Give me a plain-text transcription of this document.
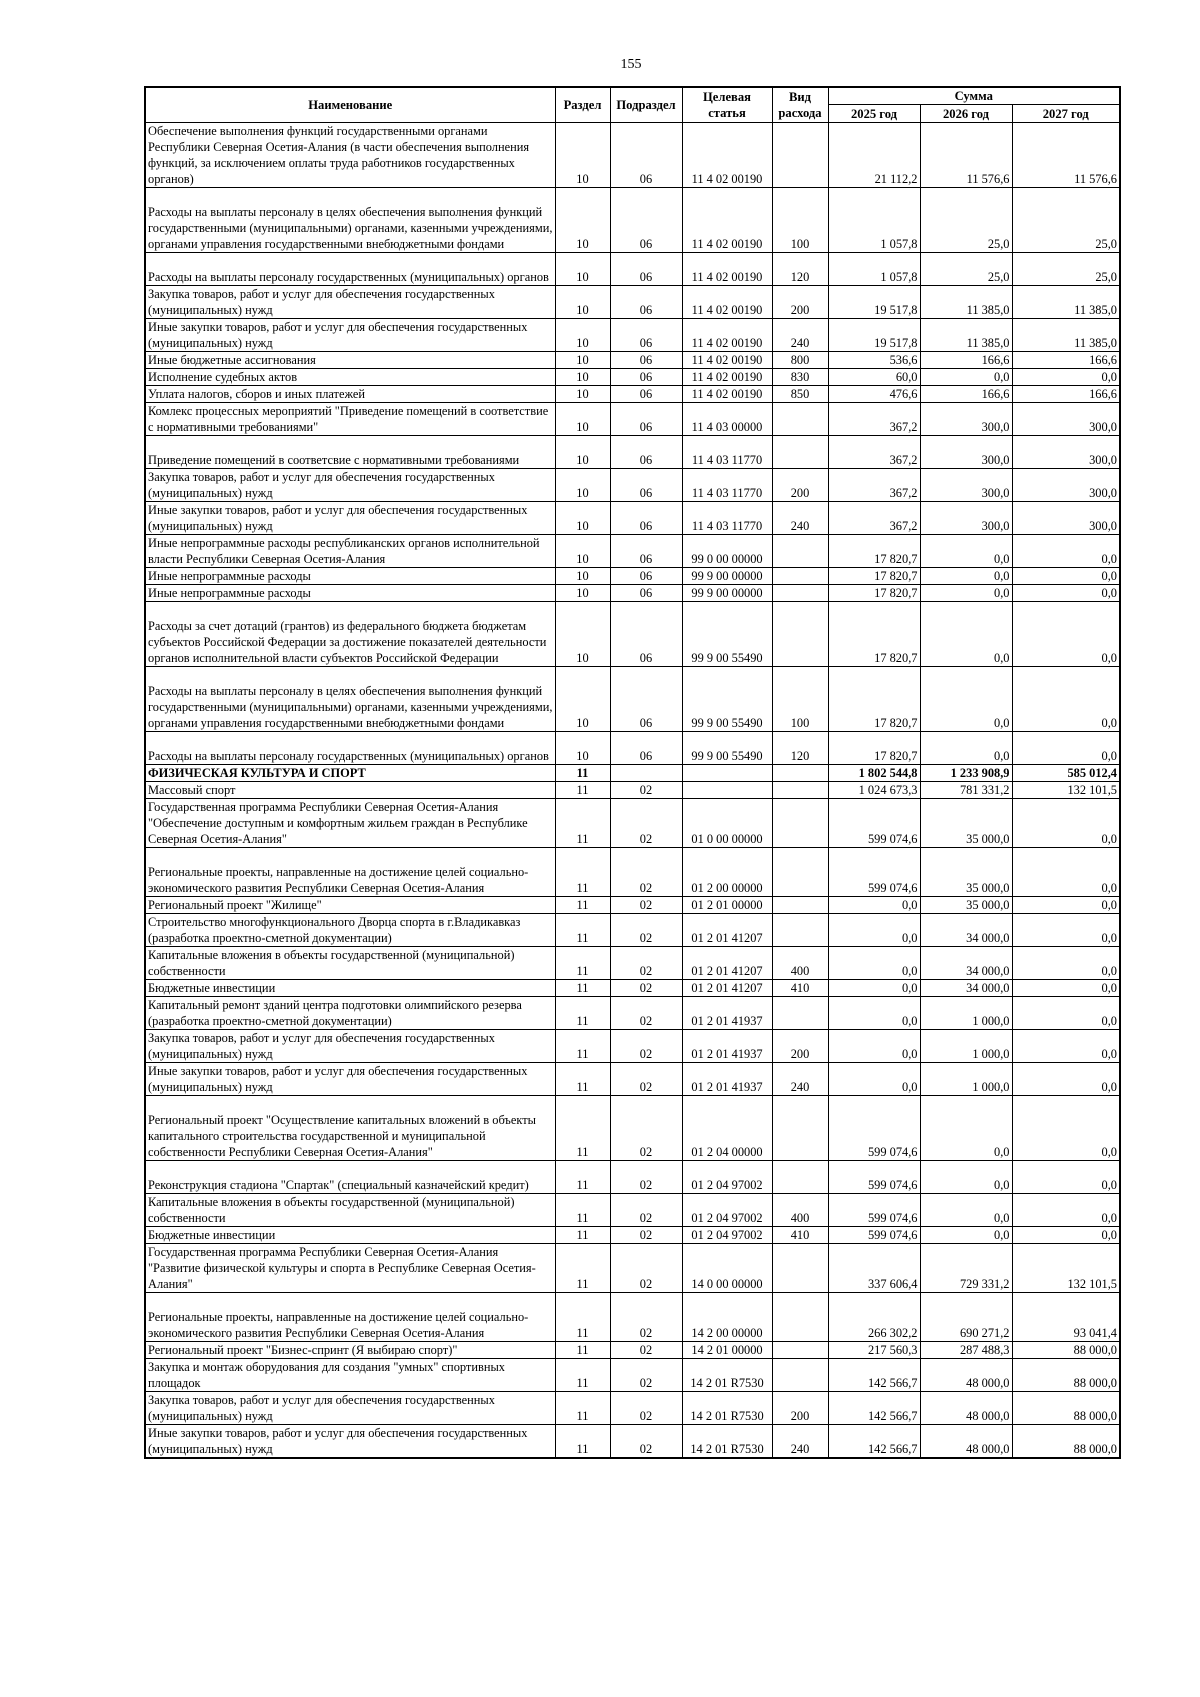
155
Наименование	Раздел	Подраздел	Целевая статья	Вид расхода	Сумма		
					2025 год	2026 год	2027 год
Обеспечение выполнения функций государственными органами Республики Северная Осетия-Алания (в части обеспечения выполнения функций, за исключением оплаты труда работников государственных органов)	10	06	11 4 02 00190		21 112,2	11 576,6	11 576,6
Расходы на выплаты персоналу в целях обеспечения выполнения функций государственными (муниципальными) органами, казенными учреждениями, органами управления государственными внебюджетными фондами	10	06	11 4 02 00190	100	1 057,8	25,0	25,0
Расходы на выплаты персоналу государственных (муниципальных) органов	10	06	11 4 02 00190	120	1 057,8	25,0	25,0
Закупка товаров, работ и услуг для обеспечения государственных (муниципальных) нужд	10	06	11 4 02 00190	200	19 517,8	11 385,0	11 385,0
Иные закупки товаров, работ и услуг для обеспечения государственных (муниципальных) нужд	10	06	11 4 02 00190	240	19 517,8	11 385,0	11 385,0
Иные бюджетные ассигнования	10	06	11 4 02 00190	800	536,6	166,6	166,6
Исполнение судебных актов	10	06	11 4 02 00190	830	60,0	0,0	0,0
Уплата налогов, сборов и иных платежей	10	06	11 4 02 00190	850	476,6	166,6	166,6
Комлекс процессных мероприятий "Приведение помещений в соответствие с нормативными требованиями"	10	06	11 4 03 00000		367,2	300,0	300,0
Приведение помещений в соответсвие с нормативными требованиями	10	06	11 4 03 11770		367,2	300,0	300,0
Закупка товаров, работ и услуг для обеспечения государственных (муниципальных) нужд	10	06	11 4 03 11770	200	367,2	300,0	300,0
Иные закупки товаров, работ и услуг для обеспечения государственных (муниципальных) нужд	10	06	11 4 03 11770	240	367,2	300,0	300,0
Иные непрограммные расходы республиканских органов исполнительной власти Республики Северная Осетия-Алания	10	06	99 0 00 00000		17 820,7	0,0	0,0
Иные непрограммные расходы	10	06	99 9 00 00000		17 820,7	0,0	0,0
Иные непрограммные расходы	10	06	99 9 00 00000		17 820,7	0,0	0,0
Расходы за счет дотаций (грантов) из федерального бюджета бюджетам субъектов Российской Федерации за достижение показателей деятельности органов исполнительной власти субъектов Российской Федерации	10	06	99 9 00 55490		17 820,7	0,0	0,0
Расходы на выплаты персоналу в целях обеспечения выполнения функций государственными (муниципальными) органами, казенными учреждениями, органами управления государственными внебюджетными фондами	10	06	99 9 00 55490	100	17 820,7	0,0	0,0
Расходы на выплаты персоналу государственных (муниципальных) органов	10	06	99 9 00 55490	120	17 820,7	0,0	0,0
ФИЗИЧЕСКАЯ КУЛЬТУРА И СПОРТ	11				1 802 544,8	1 233 908,9	585 012,4
Массовый спорт	11	02			1 024 673,3	781 331,2	132 101,5
Государственная программа Республики Северная Осетия-Алания "Обеспечение доступным и комфортным жильем граждан в Республике Северная Осетия-Алания"	11	02	01 0 00 00000		599 074,6	35 000,0	0,0
Региональные проекты, направленные на достижение целей социально-экономического развития Республики Северная Осетия-Алания	11	02	01 2 00 00000		599 074,6	35 000,0	0,0
Региональный проект "Жилище"	11	02	01 2 01 00000		0,0	35 000,0	0,0
Строительство многофункционального Дворца спорта в г.Владикавказ (разработка проектно-сметной документации)	11	02	01 2 01 41207		0,0	34 000,0	0,0
Капитальные вложения в объекты государственной (муниципальной) собственности	11	02	01 2 01 41207	400	0,0	34 000,0	0,0
Бюджетные инвестиции	11	02	01 2 01 41207	410	0,0	34 000,0	0,0
Капитальный ремонт зданий центра подготовки олимпийского резерва (разработка проектно-сметной документации)	11	02	01 2 01 41937		0,0	1 000,0	0,0
Закупка товаров, работ и услуг для обеспечения государственных (муниципальных) нужд	11	02	01 2 01 41937	200	0,0	1 000,0	0,0
Иные закупки товаров, работ и услуг для обеспечения государственных (муниципальных) нужд	11	02	01 2 01 41937	240	0,0	1 000,0	0,0
Региональный проект "Осуществление капитальных вложений в объекты капитального строительства государственной и муниципальной собственности Республики Северная Осетия-Алания"	11	02	01 2 04 00000		599 074,6	0,0	0,0
Реконструкция стадиона "Спартак" (специальный казначейский кредит)	11	02	01 2 04 97002		599 074,6	0,0	0,0
Капитальные вложения в объекты государственной (муниципальной) собственности	11	02	01 2 04 97002	400	599 074,6	0,0	0,0
Бюджетные инвестиции	11	02	01 2 04 97002	410	599 074,6	0,0	0,0
Государственная программа Республики Северная Осетия-Алания "Развитие физической культуры и спорта в Республике Северная Осетия-Алания"	11	02	14 0 00 00000		337 606,4	729 331,2	132 101,5
Региональные проекты, направленные на достижение целей социально-экономического развития Республики Северная Осетия-Алания	11	02	14 2 00 00000		266 302,2	690 271,2	93 041,4
Региональный проект "Бизнес-спринт (Я выбираю спорт)"	11	02	14 2 01 00000		217 560,3	287 488,3	88 000,0
Закупка и монтаж оборудования для создания "умных" спортивных площадок	11	02	14 2 01 R7530		142 566,7	48 000,0	88 000,0
Закупка товаров, работ и услуг для обеспечения государственных (муниципальных) нужд	11	02	14 2 01 R7530	200	142 566,7	48 000,0	88 000,0
Иные закупки товаров, работ и услуг для обеспечения государственных (муниципальных) нужд	11	02	14 2 01 R7530	240	142 566,7	48 000,0	88 000,0
